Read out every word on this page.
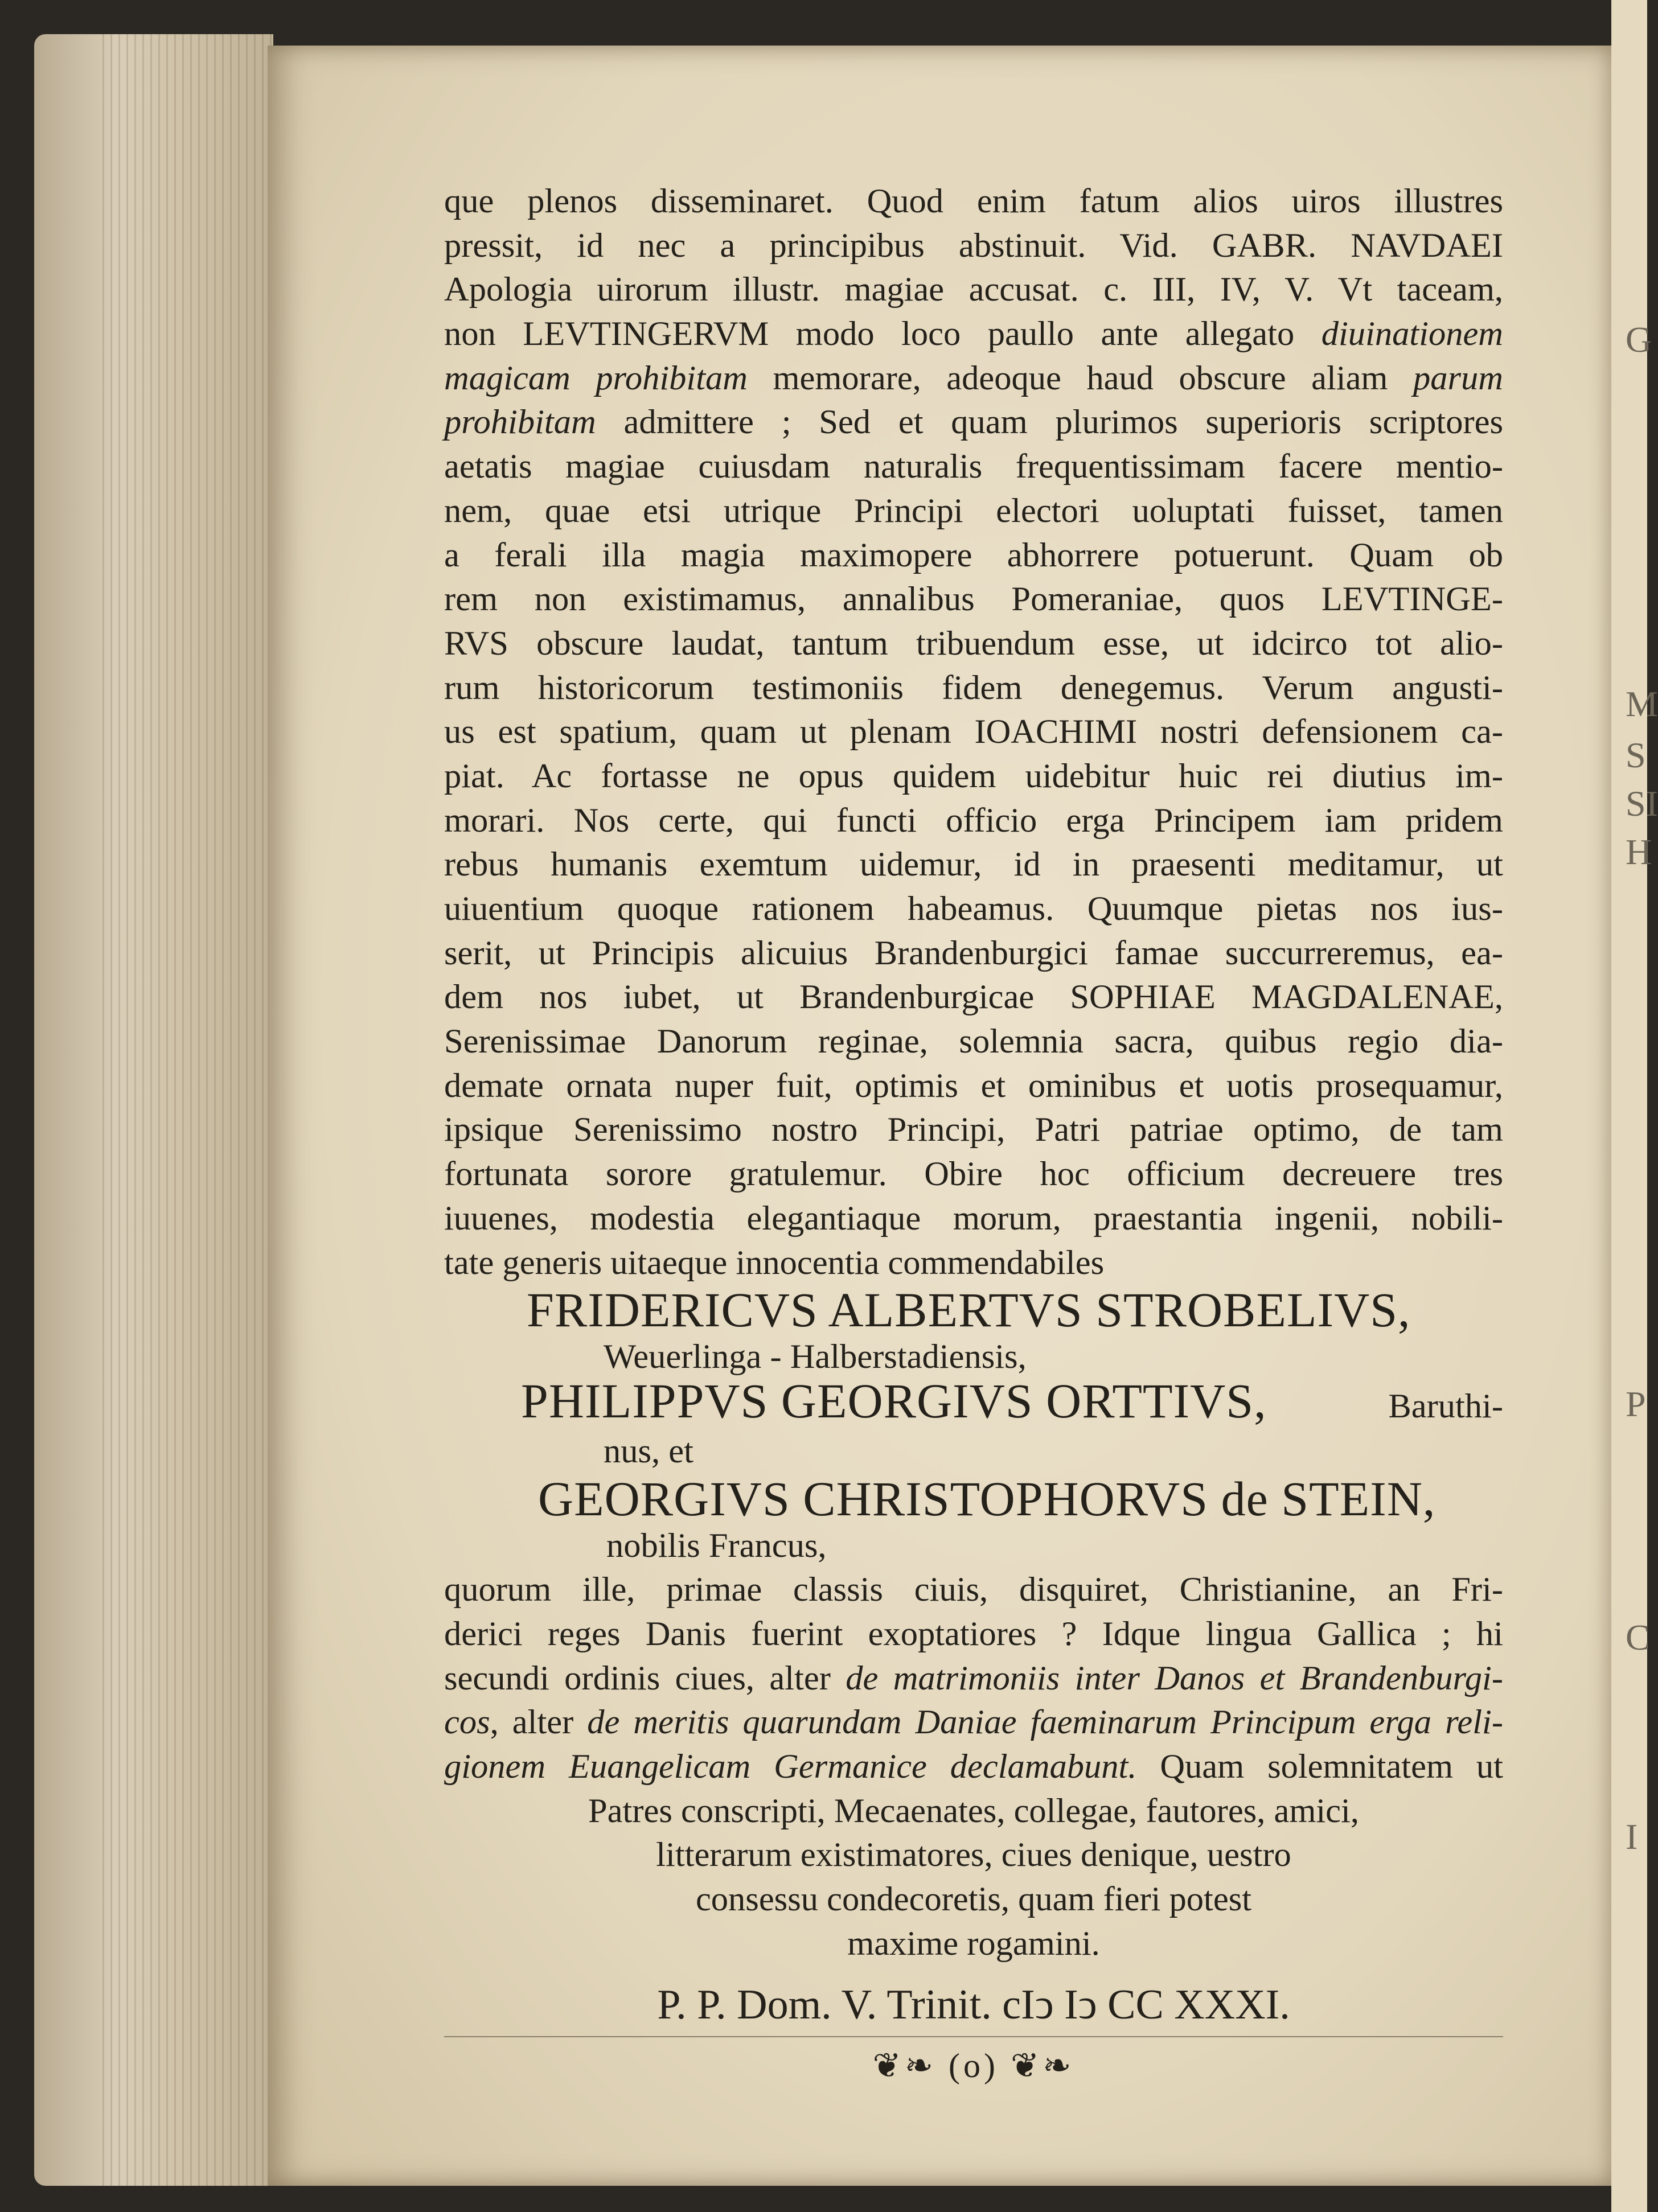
G
M
S
SI
H
P
C
I
que plenos disseminaret. Quod enim fatum alios uiros illustres
pressit, id nec a principibus abstinuit. Vid. GABR. NAVDAEI
Apologia uirorum illustr. magiae accusat. c. III, IV, V. Vt taceam,
non LEVTINGERVM modo loco paullo ante allegato diuinationem
magicam prohibitam memorare, adeoque haud obscure aliam parum
prohibitam admittere ; Sed et quam plurimos superioris scriptores
aetatis magiae cuiusdam naturalis frequentissimam facere mentio-
nem, quae etsi utrique Principi electori uoluptati fuisset, tamen
a ferali illa magia maximopere abhorrere potuerunt. Quam ob
rem non existimamus, annalibus Pomeraniae, quos LEVTINGE-
RVS obscure laudat, tantum tribuendum esse, ut idcirco tot alio-
rum historicorum testimoniis fidem denegemus. Verum angusti-
us est spatium, quam ut plenam IOACHIMI nostri defensionem ca-
piat. Ac fortasse ne opus quidem uidebitur huic rei diutius im-
morari. Nos certe, qui functi officio erga Principem iam pridem
rebus humanis exemtum uidemur, id in praesenti meditamur, ut
uiuentium quoque rationem habeamus. Quumque pietas nos ius-
serit, ut Principis alicuius Brandenburgici famae succurreremus, ea-
dem nos iubet, ut Brandenburgicae SOPHIAE MAGDALENAE,
Serenissimae Danorum reginae, solemnia sacra, quibus regio dia-
demate ornata nuper fuit, optimis et ominibus et uotis prosequamur,
ipsique Serenissimo nostro Principi, Patri patriae optimo, de tam
fortunata sorore gratulemur. Obire hoc officium decreuere tres
iuuenes, modestia elegantiaque morum, praestantia ingenii, nobili-
tate generis uitaeque innocentia commendabiles
FRIDERICVS ALBERTVS STROBELIVS,
Weuerlinga - Halberstadiensis,
PHILIPPVS GEORGIVS ORTTIVS,	Baruthi-
nus, et
GEORGIVS CHRISTOPHORVS de STEIN,
nobilis Francus,
quorum ille, primae classis ciuis, disquiret, Christianine, an Fri-
derici reges Danis fuerint exoptatiores ? Idque lingua Gallica ; hi
secundi ordinis ciues, alter de matrimoniis inter Danos et Brandenburgi-
cos, alter de meritis quarundam Daniae faeminarum Principum erga reli-
gionem Euangelicam Germanice declamabunt. Quam solemnitatem ut
Patres conscripti, Mecaenates, collegae, fautores, amici,
litterarum existimatores, ciues denique, uestro
consessu condecoretis, quam fieri potest
maxime rogamini.
P. P. Dom. V. Trinit. cIↄ Iↄ CC XXXI.
❦❧ (o) ❦❧
